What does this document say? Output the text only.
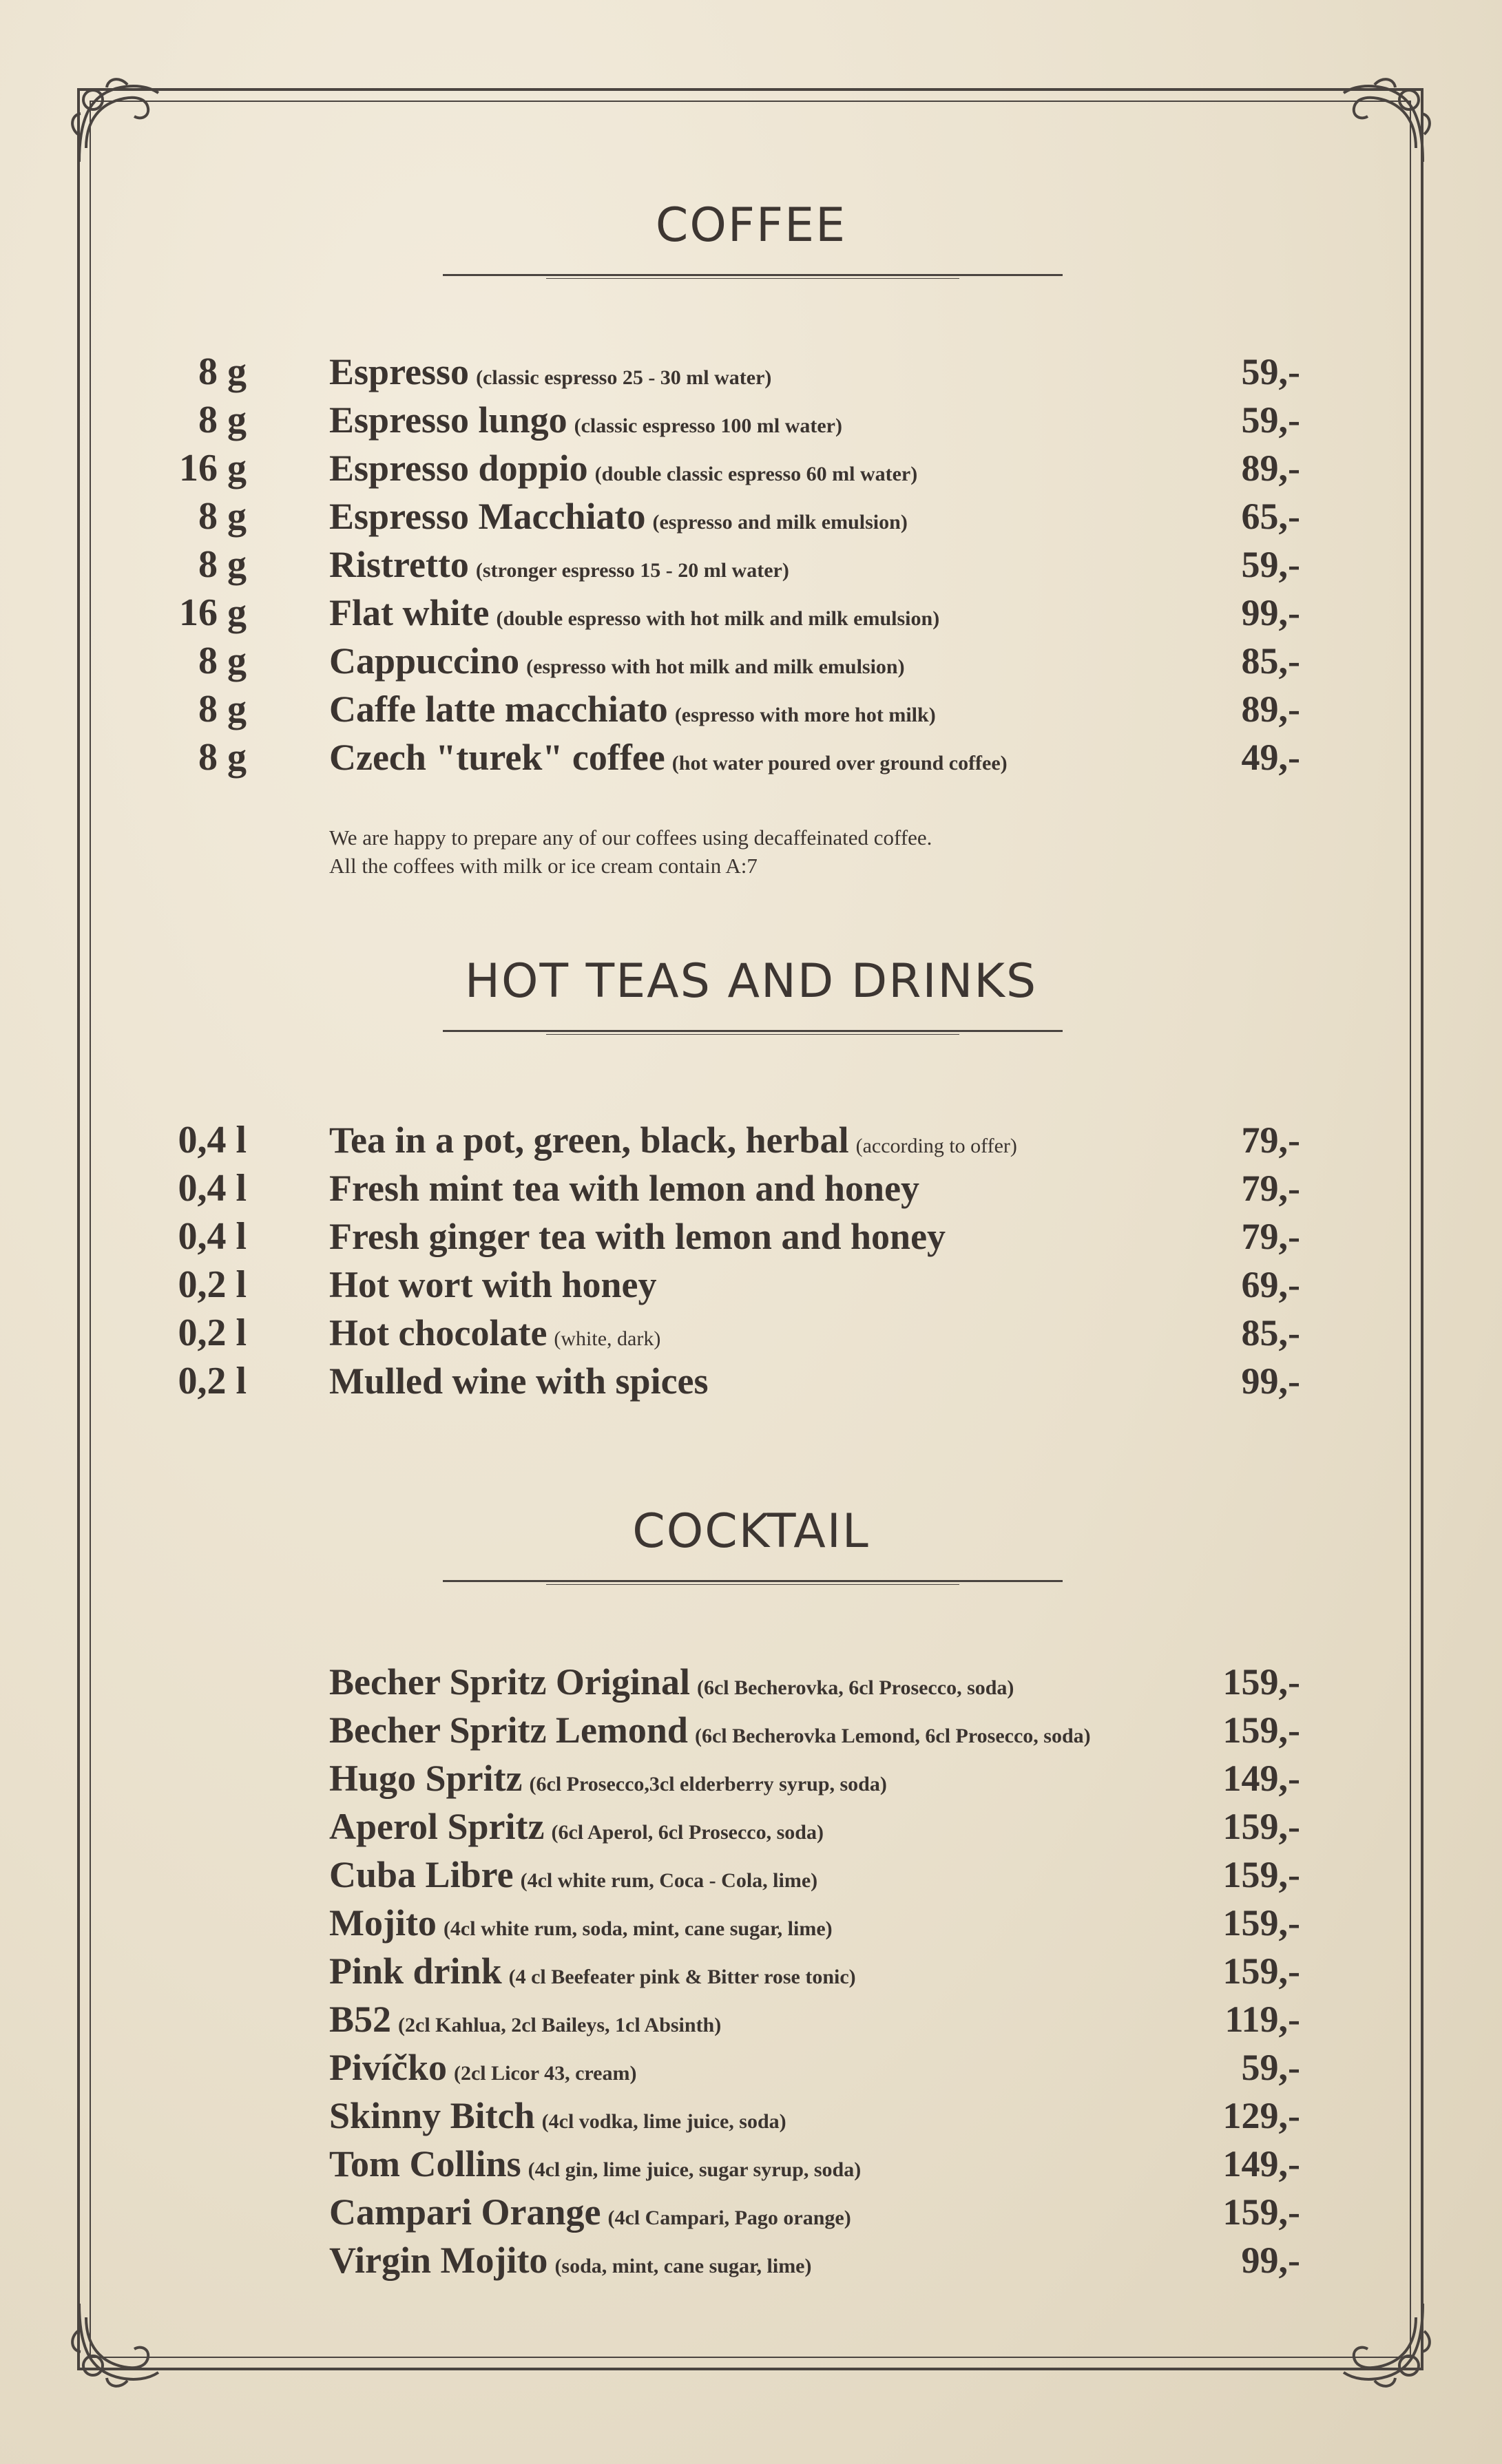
COFFEE
8 g Espresso (classic espresso 25 - 30 ml water)	59,-
8 g Espresso lungo (classic espresso 100 ml water)	59,-
16 g Espresso doppio (double classic espresso 60 ml water)	89,-
8 g Espresso Macchiato (espresso and milk emulsion)	65,-
8 g Ristretto (stronger espresso 15 - 20 ml water)	59,-
16 g Flat white (double espresso with hot milk and milk emulsion)	99,-
8 g Cappuccino (espresso with hot milk and milk emulsion)	85,-
8 g Caffe latte macchiato (espresso with more hot milk)	89,-
8 g Czech "turek" coffee (hot water poured over ground coffee)	49,-
We are happy to prepare any of our coffees using decaffeinated coffee.
All the coffees with milk or ice cream contain A:7
HOT TEAS AND DRINKS
0,4 l Tea in a pot, green, black, herbal (according to offer)	79,-
0,4 l Fresh mint tea with lemon and honey	79,-
0,4 l Fresh ginger tea with lemon and honey	79,-
0,2 l Hot wort with honey	69,-
0,2 l Hot chocolate (white, dark)	85,-
0,2 l Mulled wine with spices	99,-
COCKTAIL
Becher Spritz Original (6cl Becherovka, 6cl Prosecco, soda)	159,-
Becher Spritz Lemond (6cl Becherovka Lemond, 6cl Prosecco, soda)	159,-
Hugo Spritz (6cl Prosecco,3cl elderberry syrup, soda)	149,-
Aperol Spritz (6cl Aperol, 6cl Prosecco, soda)	159,-
Cuba Libre (4cl white rum, Coca - Cola, lime)	159,-
Mojito (4cl white rum, soda, mint, cane sugar, lime)	159,-
Pink drink (4 cl Beefeater pink & Bitter rose tonic)	159,-
B52 (2cl Kahlua, 2cl Baileys, 1cl Absinth)	119,-
Pivíčko (2cl Licor 43, cream)	59,-
Skinny Bitch (4cl vodka, lime juice, soda)	129,-
Tom Collins (4cl gin, lime juice, sugar syrup, soda)	149,-
Campari Orange (4cl Campari, Pago orange)	159,-
Virgin Mojito (soda, mint, cane sugar, lime)	99,-
